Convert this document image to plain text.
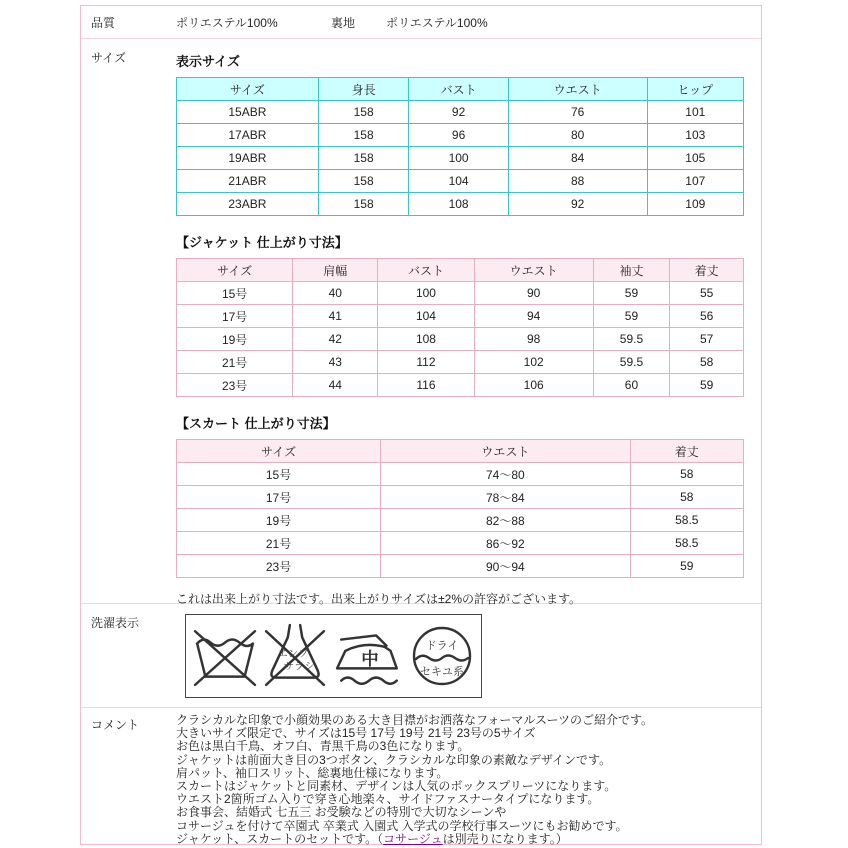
品質	ポリエステル100%	裏地	ポリエステル100%
サイズ	表示サイズ
サイズ	身長	バスト	ウエスト	ヒップ
15ABR	158	92	76	101
17ABR	158	96	80	103
19ABR	158	100	84	105
21ABR	158	104	88	107
23ABR	158	108	92	109
【ジャケット 仕上がり寸法】
サイズ	肩幅	バスト	ウエスト	袖丈	着丈
15号	40	100	90	59	55
17号	41	104	94	59	56
19号	42	108	98	59.5	57
21号	43	112	102	59.5	58
23号	44	116	106	60	59
【スカート 仕上がり寸法】
サイズ	ウエスト	着丈
15号	74～80	58
17号	78～84	58
19号	82～88	58.5
21号	86～92	58.5
23号	90～94	59
これは出来上がり寸法です。出来上がりサイズは±2%の許容がございます。
洗濯表示
エンソ
サラシ	中
ドライ
セキユ系
コメント	クラシカルな印象で小顔効果のある大き目襟がお洒落なフォーマルスーツのご紹介です。
大きいサイズ限定で、サイズは15号 17号 19号 21号 23号の5サイズ
お色は黒白千鳥、オフ白、青黒千鳥の3色になります。
ジャケットは前面大き目の3つボタン、クラシカルな印象の素敵なデザインです。
肩パット、袖口スリット、総裏地仕様になります。
スカートはジャケットと同素材、デザインは人気のボックスプリーツになります。
ウエスト2箇所ゴム入りで穿き心地楽々、サイドファスナータイプになります。
お食事会、結婚式 七五三 お受験などの特別で大切なシーンや
コサージュを付けて卒園式 卒業式 入園式 入学式の学校行事スーツにもお勧めです。
ジャケット、スカートのセットです。（コサージュは別売りになります。）
